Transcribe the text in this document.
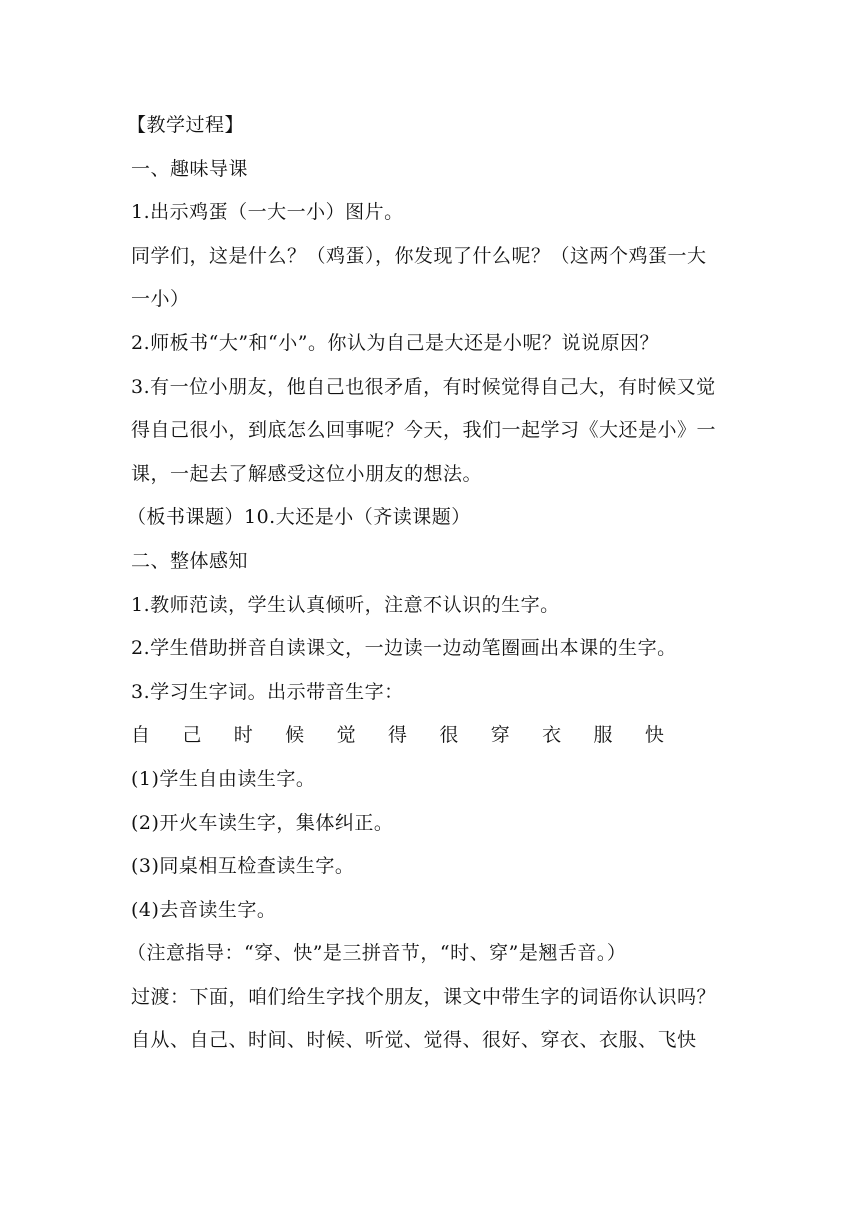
【教学过程】
一、趣味导课
1.出示鸡蛋（一大一小）图片。
同学们，这是什么？（鸡蛋），你发现了什么呢？（这两个鸡蛋一大
一小）
2.师板书“大”和“小”。你认为自己是大还是小呢？说说原因？
3.有一位小朋友，他自己也很矛盾，有时候觉得自己大，有时候又觉
得自己很小，到底怎么回事呢？今天，我们一起学习《大还是小》一
课，一起去了解感受这位小朋友的想法。
（板书课题）10.大还是小（齐读课题）
二、整体感知
1.教师范读，学生认真倾听，注意不认识的生字。
2.学生借助拼音自读课文，一边读一边动笔圈画出本课的生字。
3.学习生字词。出示带音生字：
自	己	时	候	觉	得	很	穿	衣	服	快
(1)学生自由读生字。
(2)开火车读生字，集体纠正。
(3)同桌相互检查读生字。
(4)去音读生字。
（注意指导：“穿、快”是三拼音节，“时、穿”是翘舌音。）
过渡：下面，咱们给生字找个朋友，课文中带生字的词语你认识吗？
自从、自己、时间、时候、听觉、觉得、很好、穿衣、衣服、飞快
